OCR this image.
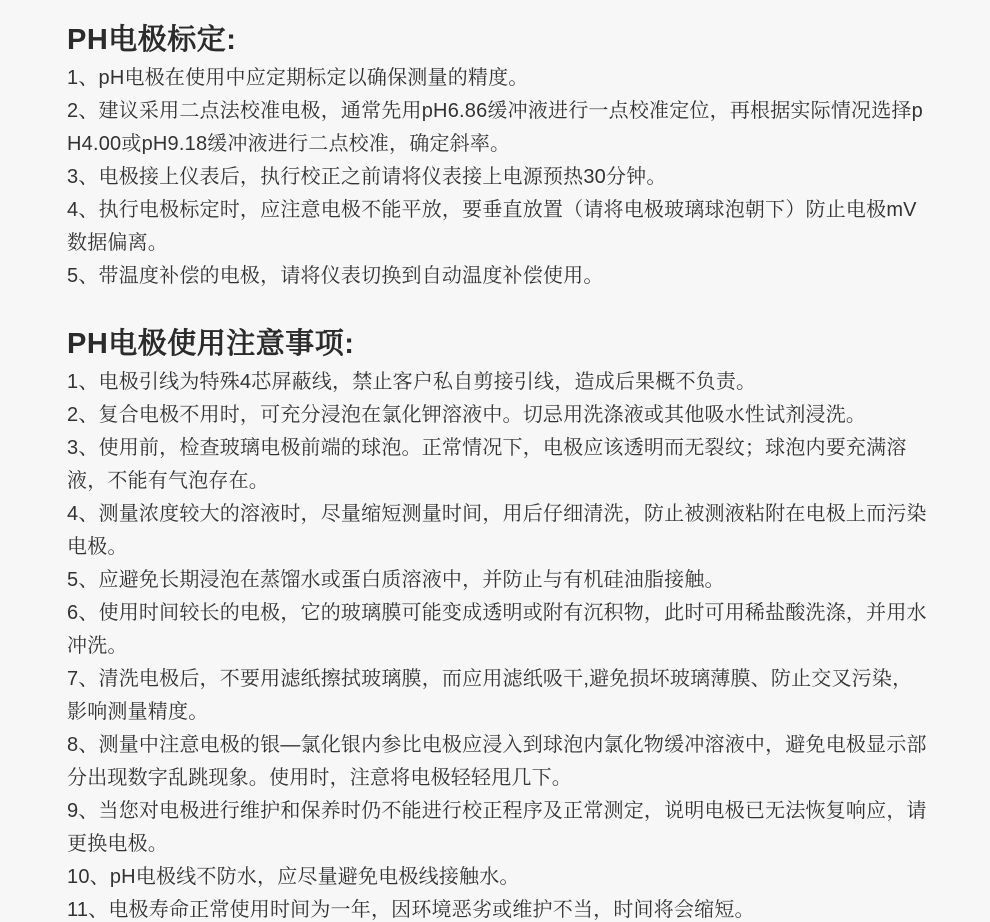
PH电极标定:

1、pH电极在使用中应定期标定以确保测量的精度。

2、建议采用二点法校准电极，通常先用pH6.86缓冲液进行一点校准定位，再根据实际情况选择pH4.00或pH9.18缓冲液进行二点校准，确定斜率。

3、电极接上仪表后，执行校正之前请将仪表接上电源预热30分钟。

4、执行电极标定时，应注意电极不能平放，要垂直放置（请将电极玻璃球泡朝下）防止电极mV数据偏离。

5、带温度补偿的电极，请将仪表切换到自动温度补偿使用。

PH电极使用注意事项:

1、电极引线为特殊4芯屏蔽线，禁止客户私自剪接引线，造成后果概不负责。

2、复合电极不用时，可充分浸泡在氯化钾溶液中。切忌用洗涤液或其他吸水性试剂浸洗。

3、使用前，检查玻璃电极前端的球泡。正常情况下，电极应该透明而无裂纹；球泡内要充满溶液，不能有气泡存在。

4、测量浓度较大的溶液时，尽量缩短测量时间，用后仔细清洗，防止被测液粘附在电极上而污染电极。

5、应避免长期浸泡在蒸馏水或蛋白质溶液中，并防止与有机硅油脂接触。

6、使用时间较长的电极，它的玻璃膜可能变成透明或附有沉积物，此时可用稀盐酸洗涤，并用水冲洗。

7、清洗电极后，不要用滤纸擦拭玻璃膜，而应用滤纸吸干,避免损坏玻璃薄膜、防止交叉污染，影响测量精度。

8、测量中注意电极的银—氯化银内参比电极应浸入到球泡内氯化物缓冲溶液中，避免电极显示部分出现数字乱跳现象。使用时，注意将电极轻轻甩几下。

9、当您对电极进行维护和保养时仍不能进行校正程序及正常测定，说明电极已无法恢复响应，请更换电极。

10、pH电极线不防水，应尽量避免电极线接触水。

11、电极寿命正常使用时间为一年，因环境恶劣或维护不当，时间将会缩短。
